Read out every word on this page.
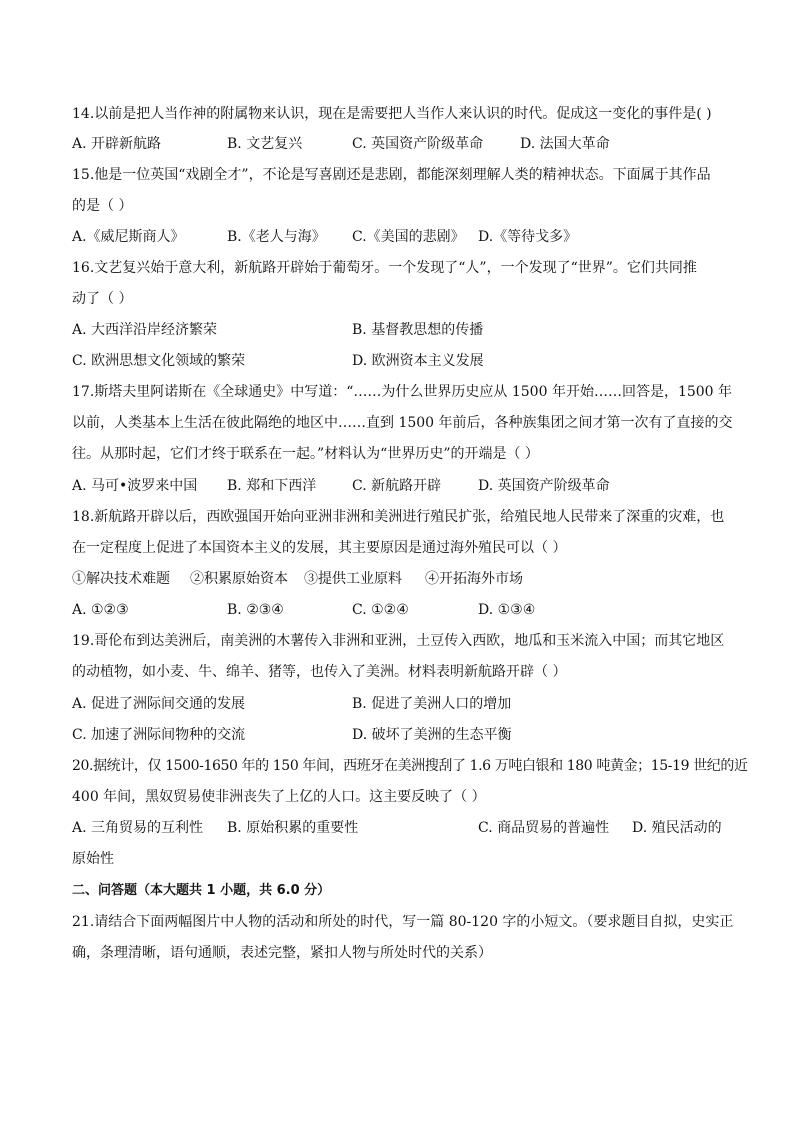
14.以前是把人当作神的附属物来认识，现在是需要把人当作人来认识的时代。促成这一变化的事件是( )
A. 开辟新航路	B. 文艺复兴	C. 英国资产阶级革命	D. 法国大革命
15.他是一位英国“戏剧全才”，不论是写喜剧还是悲剧，都能深刻理解人类的精神状态。下面属于其作品
的是（ ）
A.《威尼斯商人》	B.《老人与海》 C.《美国的悲剧》 D.《等待戈多》
16.文艺复兴始于意大利，新航路开辟始于葡萄牙。一个发现了“人”，一个发现了“世界”。它们共同推
动了（ ）
A. 大西洋沿岸经济繁荣	B. 基督教思想的传播
C. 欧洲思想文化领域的繁荣	D. 欧洲资本主义发展
17.斯塔夫里阿诺斯在《全球通史》中写道：“……为什么世界历史应从 1500 年开始……回答是，1500 年
以前，人类基本上生活在彼此隔绝的地区中……直到 1500 年前后，各种族集团之间才第一次有了直接的交
往。从那时起，它们才终于联系在一起。”材料认为“世界历史”的开端是（ ）
A. 马可•波罗来中国 B. 郑和下西洋	C. 新航路开辟	D. 英国资产阶级革命
18.新航路开辟以后，西欧强国开始向亚洲非洲和美洲进行殖民扩张，给殖民地人民带来了深重的灾难，也
在一定程度上促进了本国资本主义的发展，其主要原因是通过海外殖民可以（ ）
①解决技术难题 ②积累原始资本 ③提供工业原料 ④开拓海外市场
A. ①②③	B. ②③④	C. ①②④	D. ①③④
19.哥伦布到达美洲后，南美洲的木薯传入非洲和亚洲，土豆传入西欧，地瓜和玉米流入中国；而其它地区
的动植物，如小麦、牛、绵羊、猪等，也传入了美洲。材料表明新航路开辟（ ）
A. 促进了洲际间交通的发展	B. 促进了美洲人口的增加
C. 加速了洲际间物种的交流	D. 破坏了美洲的生态平衡
20.据统计，仅 1500-1650 年的 150 年间，西班牙在美洲搜刮了 1.6 万吨白银和 180 吨黄金；15-19 世纪的近
400 年间，黑奴贸易使非洲丧失了上亿的人口。这主要反映了（ ）
A. 三角贸易的互利性 B. 原始积累的重要性	C. 商品贸易的普遍性 D. 殖民活动的
原始性
二、问答题（本大题共 1 小题，共 6.0 分）
21.请结合下面两幅图片中人物的活动和所处的时代，写一篇 80-120 字的小短文。（要求题目自拟，史实正
确，条理清晰，语句通顺，表述完整，紧扣人物与所处时代的关系）
